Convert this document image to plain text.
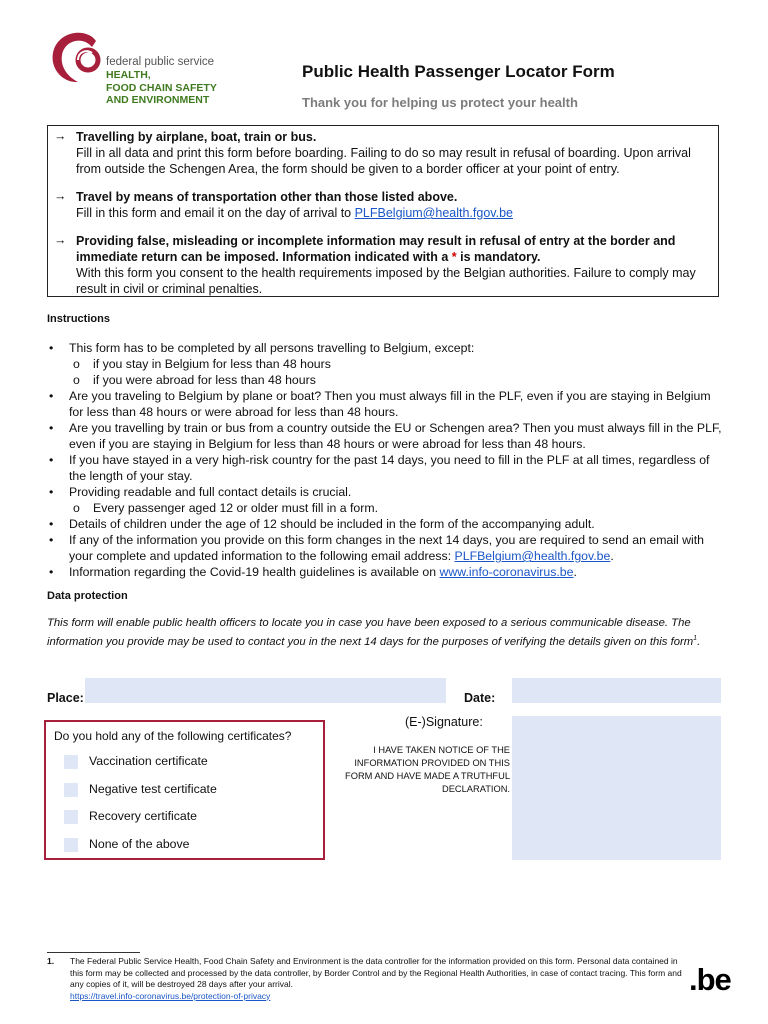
federal public service
HEALTH,
FOOD CHAIN SAFETY
AND ENVIRONMENT
Public Health Passenger Locator Form
Thank you for helping us protect your health
→ Travelling by airplane, boat, train or bus.
Fill in all data and print this form before boarding. Failing to do so may result in refusal of boarding. Upon arrival from outside the Schengen Area, the form should be given to a border officer at your point of entry.
→ Travel by means of transportation other than those listed above.
Fill in this form and email it on the day of arrival to PLFBelgium@health.fgov.be
→ Providing false, misleading or incomplete information may result in refusal of entry at the border and immediate return can be imposed. Information indicated with a * is mandatory.
With this form you consent to the health requirements imposed by the Belgian authorities. Failure to comply may result in civil or criminal penalties.
Instructions
• This form has to be completed by all persons travelling to Belgium, except:
o if you stay in Belgium for less than 48 hours
o if you were abroad for less than 48 hours
• Are you traveling to Belgium by plane or boat? Then you must always fill in the PLF, even if you are staying in Belgium for less than 48 hours or were abroad for less than 48 hours.
• Are you travelling by train or bus from a country outside the EU or Schengen area? Then you must always fill in the PLF, even if you are staying in Belgium for less than 48 hours or were abroad for less than 48 hours.
• If you have stayed in a very high-risk country for the past 14 days, you need to fill in the PLF at all times, regardless of the length of your stay.
• Providing readable and full contact details is crucial.
o Every passenger aged 12 or older must fill in a form.
• Details of children under the age of 12 should be included in the form of the accompanying adult.
• If any of the information you provide on this form changes in the next 14 days, you are required to send an email with your complete and updated information to the following email address: PLFBelgium@health.fgov.be.
• Information regarding the Covid-19 health guidelines is available on www.info-coronavirus.be.
Data protection
This form will enable public health officers to locate you in case you have been exposed to a serious communicable disease. The information you provide may be used to contact you in the next 14 days for the purposes of verifying the details given on this form$^1$.
Place:	Date:
Do you hold any of the following certificates?
Vaccination certificate
Negative test certificate
Recovery certificate
None of the above
(E-)Signature:
I HAVE TAKEN NOTICE OF THE INFORMATION PROVIDED ON THIS FORM AND HAVE MADE A TRUTHFUL DECLARATION.
1. The Federal Public Service Health, Food Chain Safety and Environment is the data controller for the information provided on this form. Personal data contained in this form may be collected and processed by the data controller, by Border Control and by the Regional Health Authorities, in case of contact tracing. This form and any copies of it, will be destroyed 28 days after your arrival.
https://travel.info-coronavirus.be/protection-of-privacy	.be
